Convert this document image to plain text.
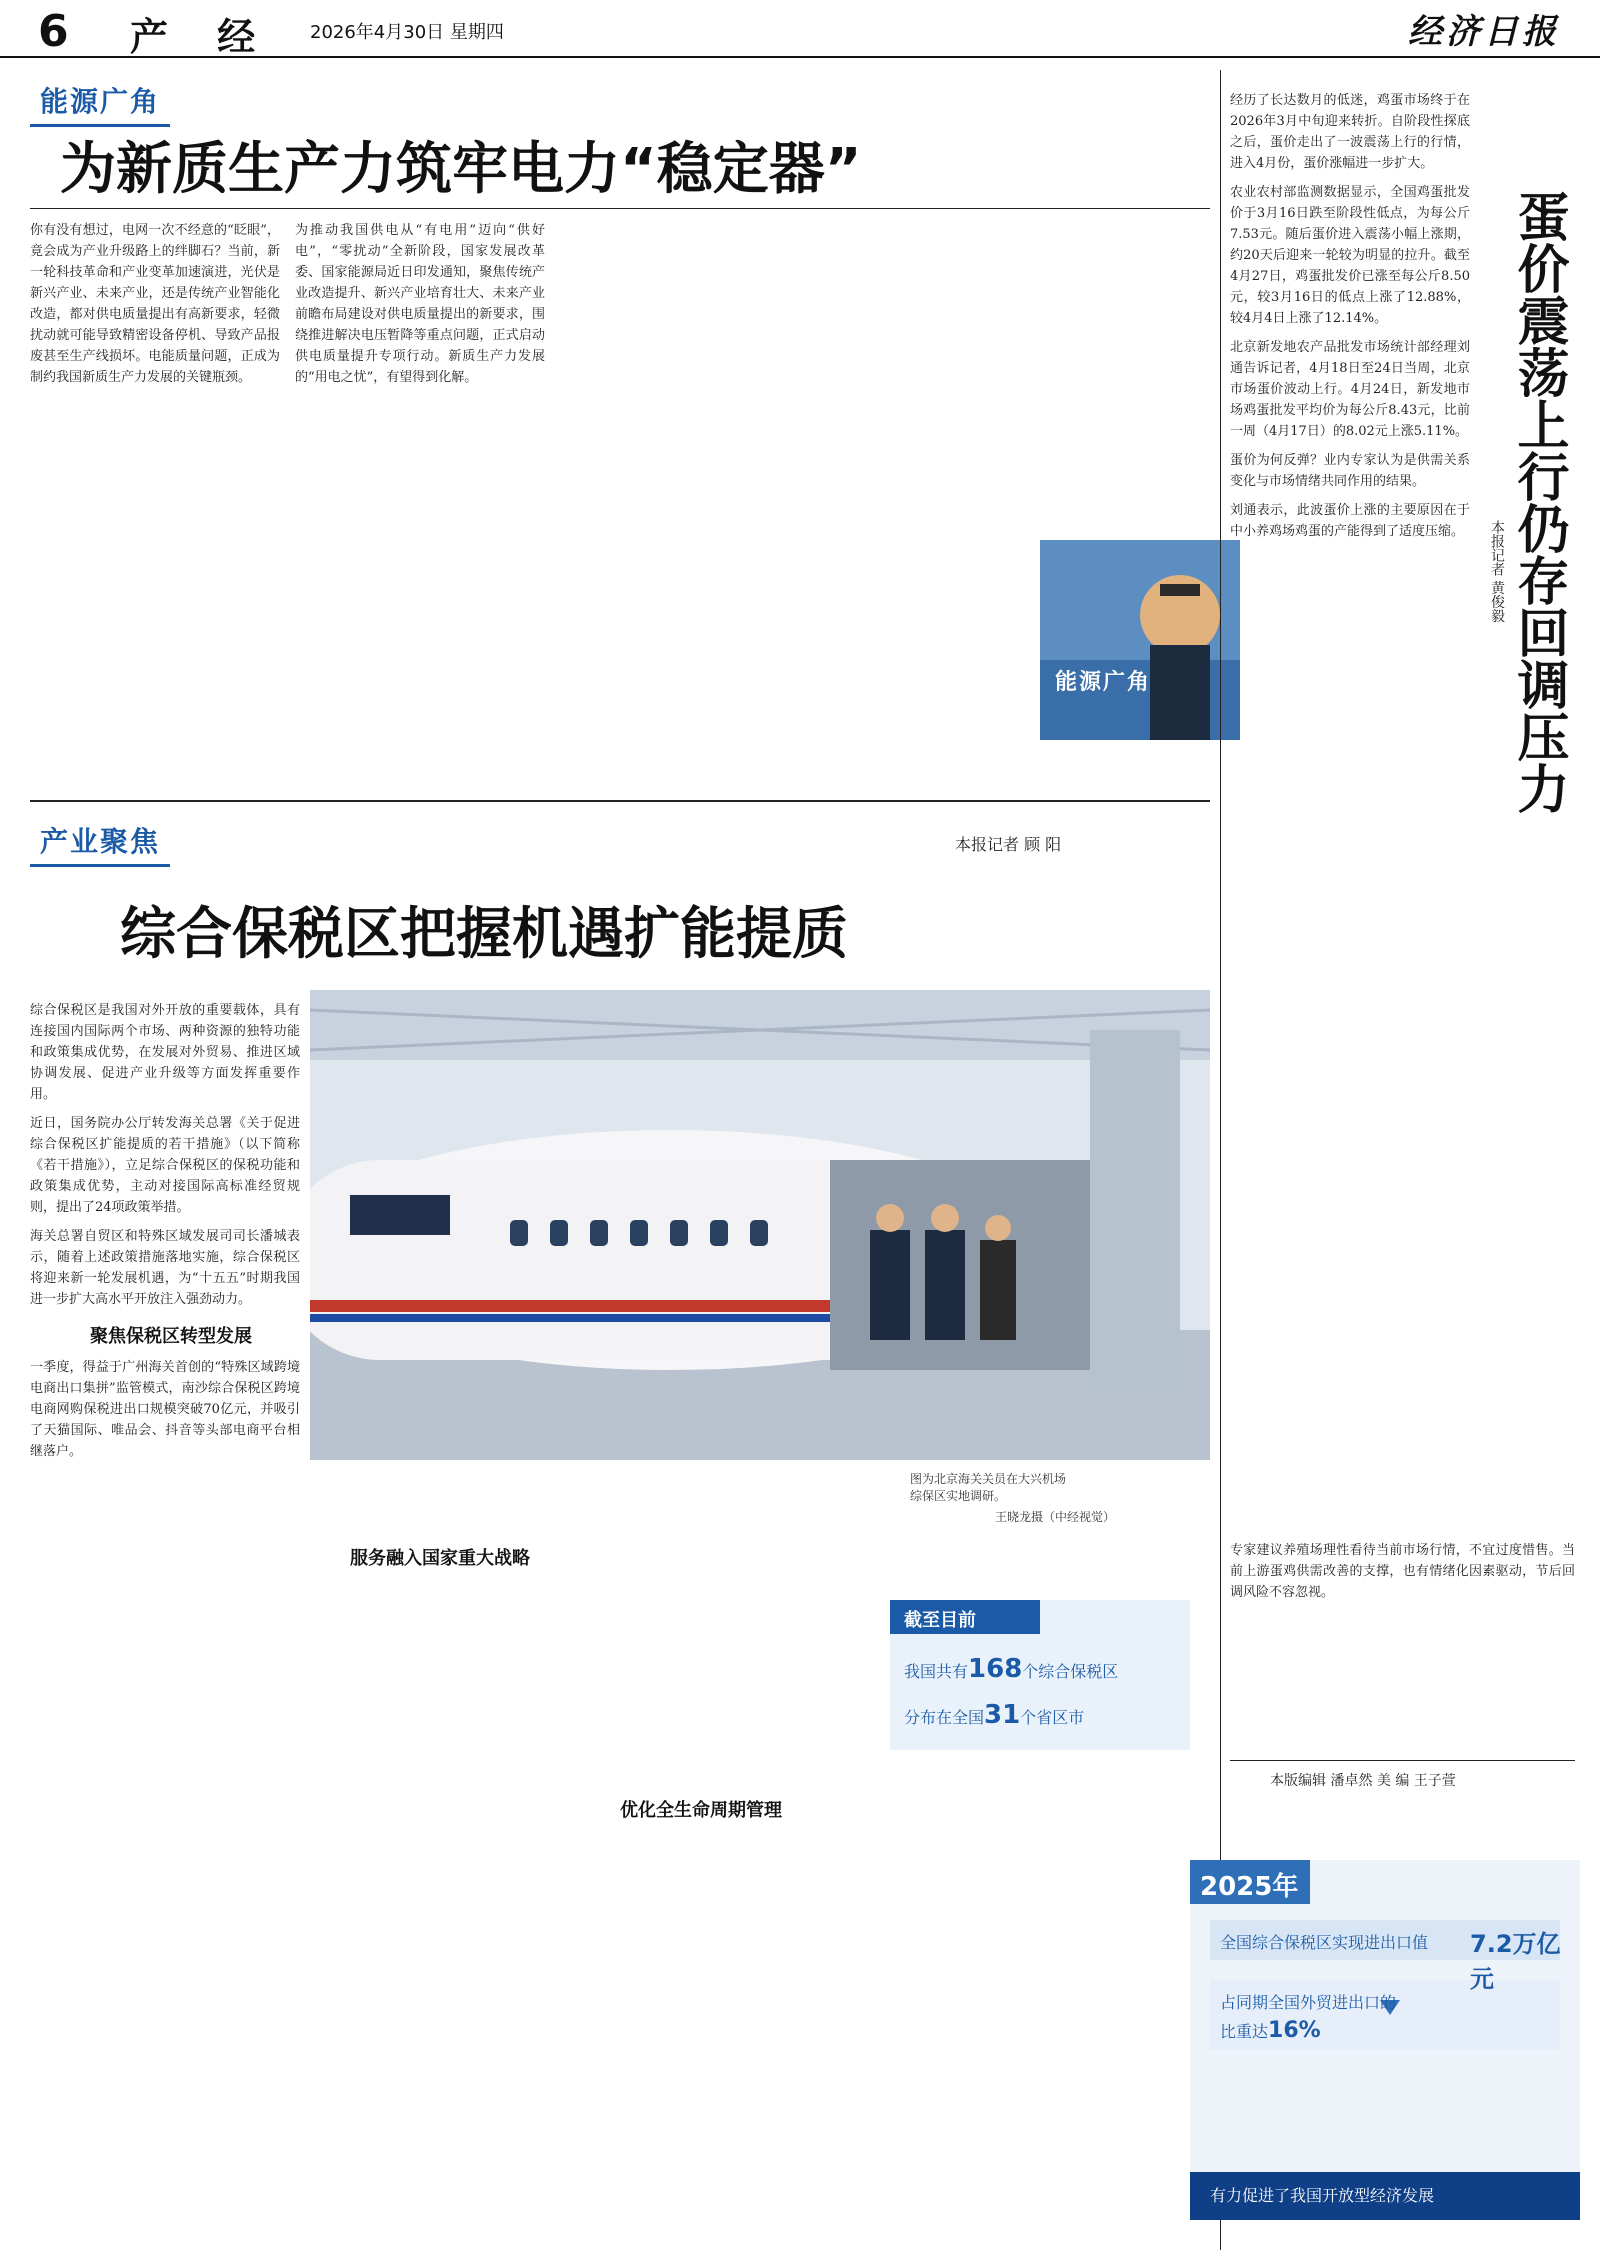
6 产 经 2026年4月30日 星期四	经济日报
能源广角
为新质生产力筑牢电力“稳定器”
你有没有想过，电网一次不经意的“眨眼”，竟会成为产业升级路上的绊脚石？当前，新一轮科技革命和产业变革加速演进，光伏是新兴产业、未来产业，还是传统产业智能化改造，都对供电质量提出有高新要求，轻微扰动就可能导致精密设备停机、导致产品报废甚至生产线损坏。电能质量问题，正成为制约我国新质生产力发展的关键瓶颈。
为推动我国供电从“有电用”迈向“供好电”，“零扰动”全新阶段，国家发展改革委、国家能源局近日印发通知，聚焦传统产业改造提升、新兴产业培育壮大、未来产业前瞻布局建设对供电质量提出的新要求，围绕推进解决电压暂降等重点问题，正式启动供电质量提升专项行动。新质生产力发展的“用电之忧”，有望得到化解。
能源广角
产业聚焦	本报记者 顾 阳
综合保税区把握机遇扩能提质
综合保税区是我国对外开放的重要载体，具有连接国内国际两个市场、两种资源的独特功能和政策集成优势，在发展对外贸易、推进区域协调发展、促进产业升级等方面发挥重要作用。
近日，国务院办公厅转发海关总署《关于促进综合保税区扩能提质的若干措施》（以下简称《若干措施》），立足综合保税区的保税功能和政策集成优势，主动对接国际高标准经贸规则，提出了24项政策举措。
海关总署自贸区和特殊区域发展司司长潘城表示，随着上述政策措施落地实施，综合保税区将迎来新一轮发展机遇，为“十五五”时期我国进一步扩大高水平开放注入强劲动力。
聚焦保税区转型发展
一季度，得益于广州海关首创的“特殊区域跨境电商出口集拼”监管模式，南沙综合保税区跨境电商网购保税进出口规模突破70亿元，并吸引了天猫国际、唯品会、抖音等头部电商平台相继落户。
图为北京海关关员在大兴机场
综保区实地调研。
王晓龙摄（中经视觉）
服务融入国家重大战略
优化全生命周期管理
截至目前
我国共有168个综合保税区
分布在全国31个省区市
经历了长达数月的低迷，鸡蛋市场终于在2026年3月中旬迎来转折。自阶段性探底之后，蛋价走出了一波震荡上行的行情，进入4月份，蛋价涨幅进一步扩大。
农业农村部监测数据显示，全国鸡蛋批发价于3月16日跌至阶段性低点，为每公斤7.53元。随后蛋价进入震荡小幅上涨期，约20天后迎来一轮较为明显的拉升。截至4月27日，鸡蛋批发价已涨至每公斤8.50元，较3月16日的低点上涨了12.88%，较4月4日上涨了12.14%。
北京新发地农产品批发市场统计部经理刘通告诉记者，4月18日至24日当周，北京市场蛋价波动上行。4月24日，新发地市场鸡蛋批发平均价为每公斤8.43元，比前一周（4月17日）的8.02元上涨5.11%。
蛋价为何反弹？业内专家认为是供需关系变化与市场情绪共同作用的结果。
刘通表示，此波蛋价上涨的主要原因在于中小养鸡场鸡蛋的产能得到了适度压缩。
专家建议养殖场理性看待当前市场行情，不宜过度惜售。当前上游蛋鸡供需改善的支撑，也有情绪化因素驱动，节后回调风险不容忽视。
蛋价震荡上行仍存回调压力
本报记者 黄俊毅
本版编辑 潘卓然 美 编 王子萱
2025年
全国综合保税区实现进出口值 7.2万亿元
占同期全国外贸进出口的
比重达16%
有力促进了我国开放型经济发展
